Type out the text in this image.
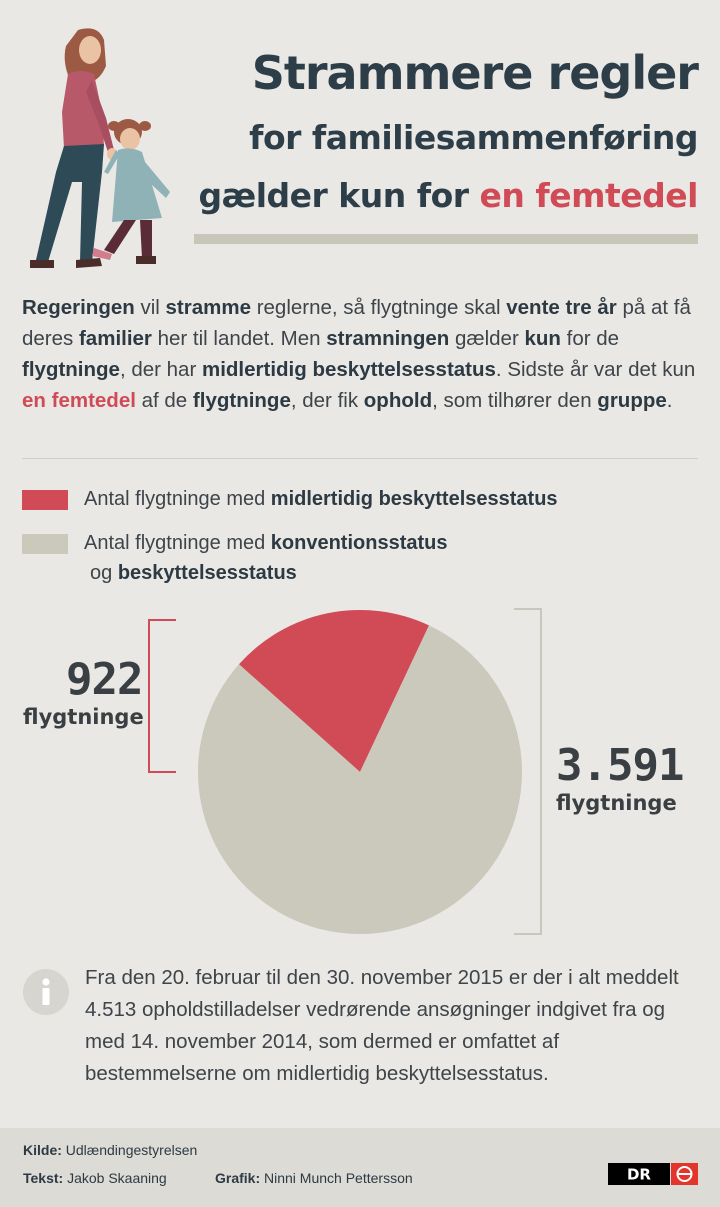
Strammere regler
for familiesammenføring
gælder kun for en femtedel

Regeringen vil stramme reglerne, så flygtninge skal vente tre år på at få deres familier her til landet. Men stramningen gælder kun for de flygtninge, der har midlertidig beskyttelsesstatus. Sidste år var det kun en femtedel af de flygtninge, der fik ophold, som tilhører den gruppe.

Antal flygtninge med midlertidig beskyttelsesstatus
Antal flygtninge med konventionsstatus
og beskyttelsesstatus
922
flygtninge
3.591
flygtninge

Fra den 20. februar til den 30. november 2015 er der i alt meddelt 4.513 opholdstilladelser vedrørende ansøgninger indgivet fra og med 14. november 2014, som dermed er omfattet af bestemmelserne om midlertidig beskyttelsesstatus.

Kilde: Udlændingestyrelsen
Tekst: Jakob Skaaning	Grafik: Ninni Munch Pettersson	DR
